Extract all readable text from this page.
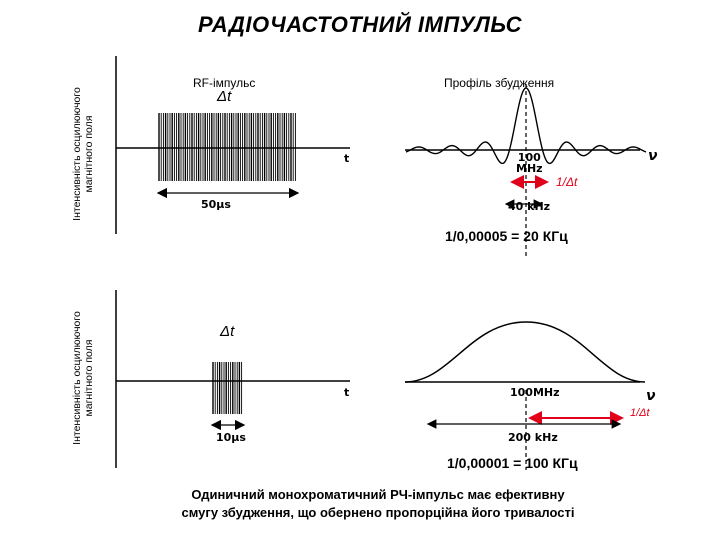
РАДІОЧАСТОТНИЙ ІМПУЛЬС
Інтенсивність осцилюючого магнітного поля
Інтенсивність осцилюючого магнітного поля
RF-імпульс	Профіль збудження
Δt
t	ν
50μs
100
MHz
1/Δt
40 kHz
1/0,00005 = 20 КГц
Δt
t	ν
10μs
100MHz
1/Δt
200 kHz
1/0,00001 = 100 КГц
Одиничний монохроматичний РЧ-імпульс має ефективну
смугу збудження, що обернено пропорційна його тривалості
